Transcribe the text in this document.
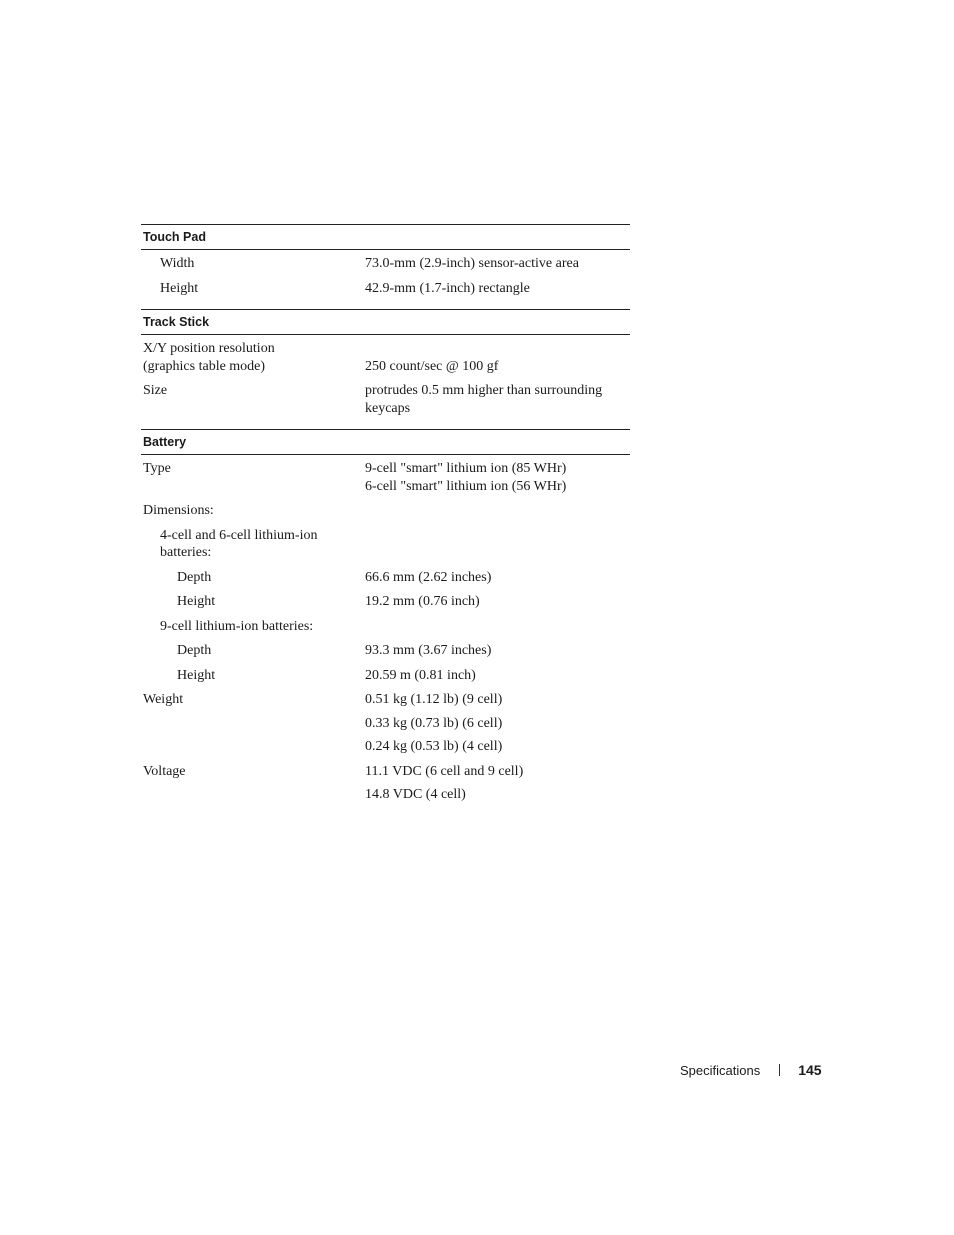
Touch Pad
Width	73.0-mm (2.9-inch) sensor-active area
Height	42.9-mm (1.7-inch) rectangle
Track Stick
X/Y position resolution
(graphics table mode)	250 count/sec @ 100 gf
Size	protrudes 0.5 mm higher than surrounding
keycaps
Battery
Type	9-cell "smart" lithium ion (85 WHr)
6-cell "smart" lithium ion (56 WHr)
Dimensions:
4-cell and 6-cell lithium-ion
batteries:
Depth	66.6 mm (2.62 inches)
Height	19.2 mm (0.76 inch)
9-cell lithium-ion batteries:
Depth	93.3 mm (3.67 inches)
Height	20.59 m (0.81 inch)
Weight	0.51 kg (1.12 lb) (9 cell)
0.33 kg (0.73 lb) (6 cell)
0.24 kg (0.53 lb) (4 cell)
Voltage	11.1 VDC (6 cell and 9 cell)
14.8 VDC (4 cell)
Specifications	145
